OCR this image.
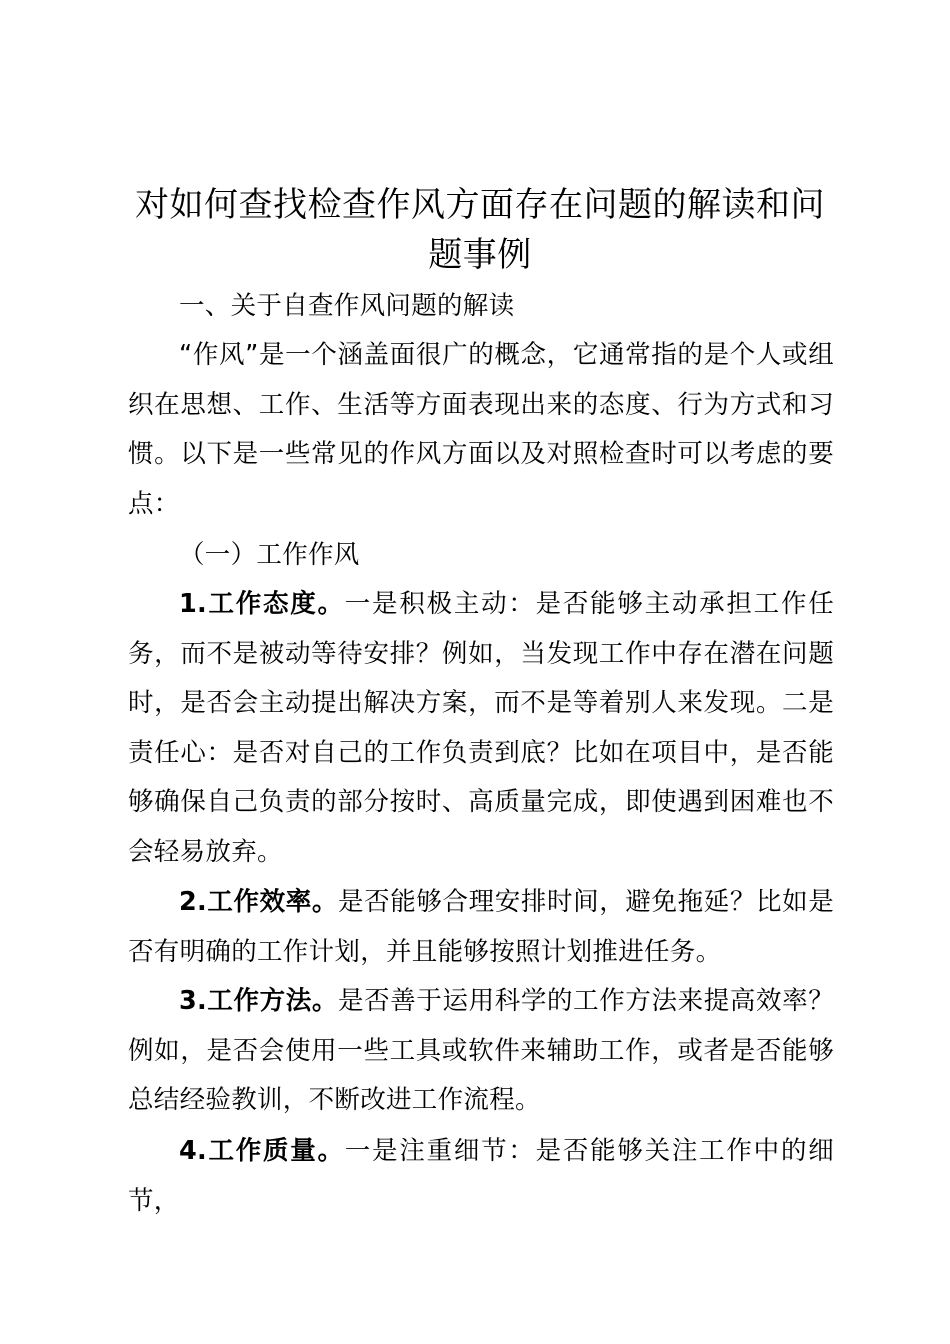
对如何查找检查作风方面存在问题的解读和问题事例

一、关于自查作风问题的解读

“作风”是一个涵盖面很广的概念，它通常指的是个人或组织在思想、工作、生活等方面表现出来的态度、行为方式和习惯。以下是一些常见的作风方面以及对照检查时可以考虑的要点：

（一）工作作风

1.工作态度。一是积极主动：是否能够主动承担工作任务，而不是被动等待安排？例如，当发现工作中存在潜在问题时，是否会主动提出解决方案，而不是等着别人来发现。二是责任心：是否对自己的工作负责到底？比如在项目中，是否能够确保自己负责的部分按时、高质量完成，即使遇到困难也不会轻易放弃。

2.工作效率。是否能够合理安排时间，避免拖延？比如是否有明确的工作计划，并且能够按照计划推进任务。

3.工作方法。是否善于运用科学的工作方法来提高效率？例如，是否会使用一些工具或软件来辅助工作，或者是否能够总结经验教训，不断改进工作流程。

4.工作质量。一是注重细节：是否能够关注工作中的细节，
